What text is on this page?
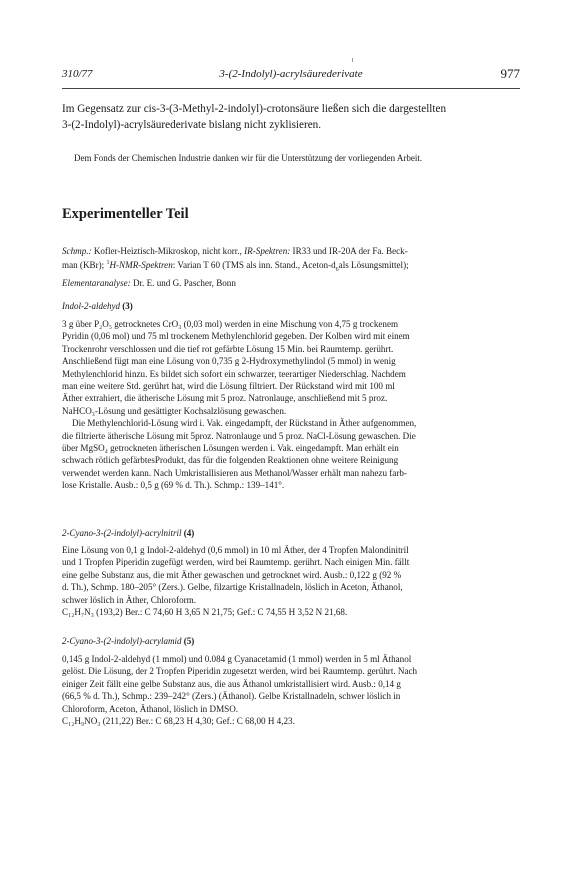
310/77	3-(2-Indolyl)-acrylsäurederivate	977

Im Gegensatz zur cis-3-(3-Methyl-2-indolyl)-crotonsäure ließen sich die dargestellten

3-(2-Indolyl)-acrylsäurederivate bislang nicht zyklisieren.

Dem Fonds der Chemischen Industrie danken wir für die Unterstützung der vorliegenden Arbeit.

Experimenteller Teil

Schmp.: Kofler-Heiztisch-Mikroskop, nicht korr., IR-Spektren: IR33 und IR-20A der Fa. Beck-

man (KBr); $^1$H-NMR-Spektren: Varian T 60 (TMS als inn. Stand., Aceton-$d_6als$ Lösungsmittel);

Elementaranalyse: Dr. E. und G. Pascher, Bonn

Indol-2-aldehyd (3)

3 g über P₂O₅ getrocknetes CrO₃ (0,03 mol) werden in eine Mischung von 4,75 g trockenem

Pyridin (0,06 mol) und 75 ml trockenem Methylenchlorid gegeben. Der Kolben wird mit einem

Trockenrohr verschlossen und die tief rot gefärbte Lösung 15 Min. bei Raumtemp. gerührt.

Anschließend fügt man eine Lösung von 0,735 g 2-Hydroxymethylindol (5 mmol) in wenig

Methylenchlorid hinzu. Es bildet sich sofort ein schwarzer, teerartiger Niederschlag. Nachdem

man eine weitere Std. gerührt hat, wird die Lösung filtriert. Der Rückstand wird mit 100 ml

Äther extrahiert, die ätherische Lösung mit 5 proz. Natronlauge, anschließend mit 5 proz.

NaHCO₃-Lösung und gesättigter Kochsalzlösung gewaschen.

Die Methylenchlorid-Lösung wird i. Vak. eingedampft, der Rückstand in Äther aufgenommen,

die filtrierte ätherische Lösung mit 5proz. Natronlauge und 5 proz. NaCl-Lösung gewaschen. Die

über MgSO₄ getrockneten ätherischen Lösungen werden i. Vak. eingedampft. Man erhält ein

schwach rötlich gefärbtesProdukt, das für die folgenden Reaktionen ohne weitere Reinigung

verwendet werden kann. Nach Umkristallisieren aus Methanol/Wasser erhält man nahezu farb-

lose Kristalle. Ausb.: 0,5 g (69 % d. Th.). Schmp.: 139–141°.

2-Cyano-3-(2-indolyl)-acrylnitril (4)

Eine Lösung von 0,1 g Indol-2-aldehyd (0,6 mmol) in 10 ml Äther, der 4 Tropfen Malondinitril

und 1 Tropfen Piperidin zugefügt werden, wird bei Raumtemp. gerührt. Nach einigen Min. fällt

eine gelbe Substanz aus, die mit Äther gewaschen und getrocknet wird. Ausb.: 0,122 g (92 %

d. Th.), Schmp. 180–205° (Zers.). Gelbe, filzartige Kristallnadeln, löslich in Aceton, Äthanol,

schwer löslich in Äther, Chloroform.

C₁₂H₇N₃ (193,2) Ber.: C 74,60 H 3,65 N 21,75; Gef.: C 74,55 H 3,52 N 21,68.

2-Cyano-3-(2-indolyl)-acrylamid (5)

0,145 g Indol-2-aldehyd (1 mmol) und 0.084 g Cyanacetamid (1 mmol) werden in 5 ml Äthanol

gelöst. Die Lösung, der 2 Tropfen Piperidin zugesetzt werden, wird bei Raumtemp. gerührt. Nach

einiger Zeit fällt eine gelbe Substanz aus, die aus Äthanol umkristallisiert wird. Ausb.: 0,14 g

(66,5 % d. Th.), Schmp.: 239–242° (Zers.) (Äthanol). Gelbe Kristallnadeln, schwer löslich in

Chloroform, Aceton, Äthanol, löslich in DMSO.

C₁₂H₉NO₃ (211,22) Ber.: C 68,23 H 4,30; Gef.: C 68,00 H 4,23.
